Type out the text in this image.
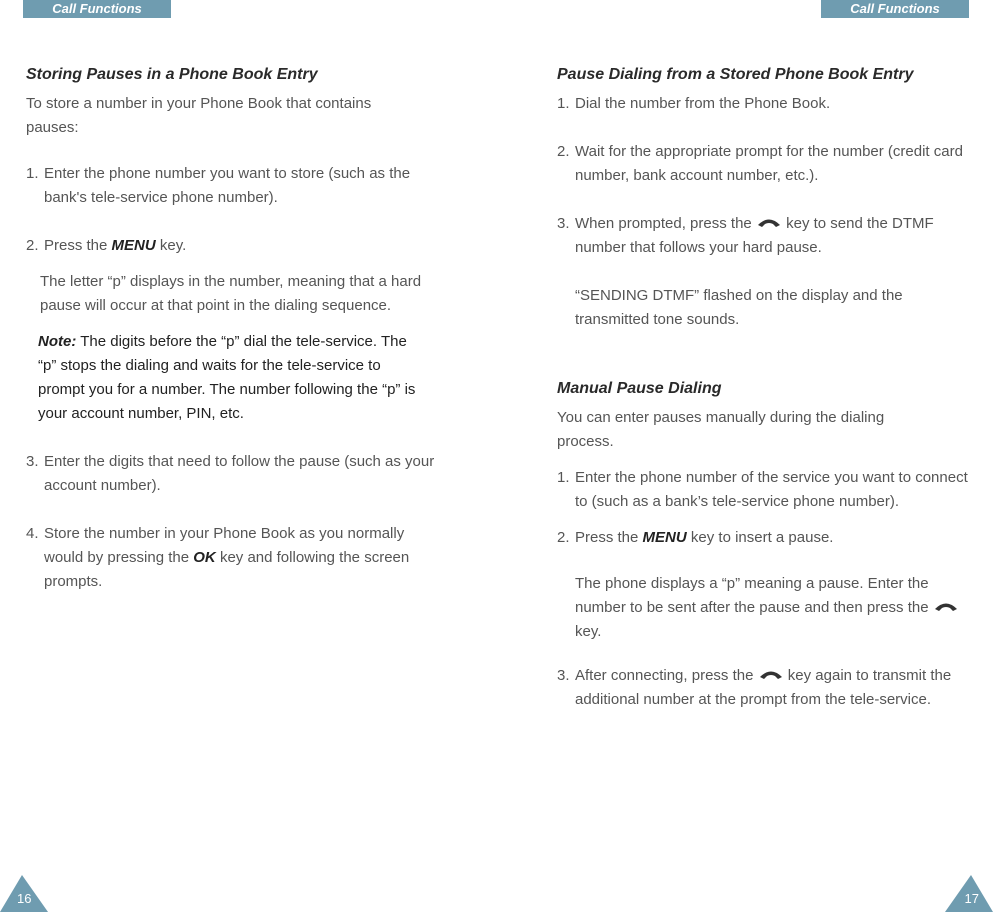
Call Functions	Call Functions

Storing Pauses in a Phone Book Entry

To store a number in your Phone Book that contains pauses:

1. Enter the phone number you want to store (such as the bank's tele-service phone number).
2. Press the MENU key.
The letter “p” displays in the number, meaning that a hard pause will occur at that point in the dialing sequence.
Note: The digits before the “p” dial the tele-service. The “p” stops the dialing and waits for the tele-service to prompt you for a number. The number following the “p” is your account number, PIN, etc.
3. Enter the digits that need to follow the pause (such as your account number).
4. Store the number in your Phone Book as you normally would by pressing the OK key and following the screen prompts.

Pause Dialing from a Stored Phone Book Entry

1. Dial the number from the Phone Book.
2. Wait for the appropriate prompt for the number (credit card number, bank account number, etc.).
3. When prompted, press the key to send the DTMF number that follows your hard pause.
“SENDING DTMF” flashed on the display and the transmitted tone sounds.

Manual Pause Dialing

You can enter pauses manually during the dialing process.

1. Enter the phone number of the service you want to connect to (such as a bank’s tele-service phone number).
2. Press the MENU key to insert a pause.
The phone displays a “p” meaning a pause. Enter the number to be sent after the pause and then press the  key.
3. After connecting, press the key again to transmit the additional number at the prompt from the tele-service.
16	17
